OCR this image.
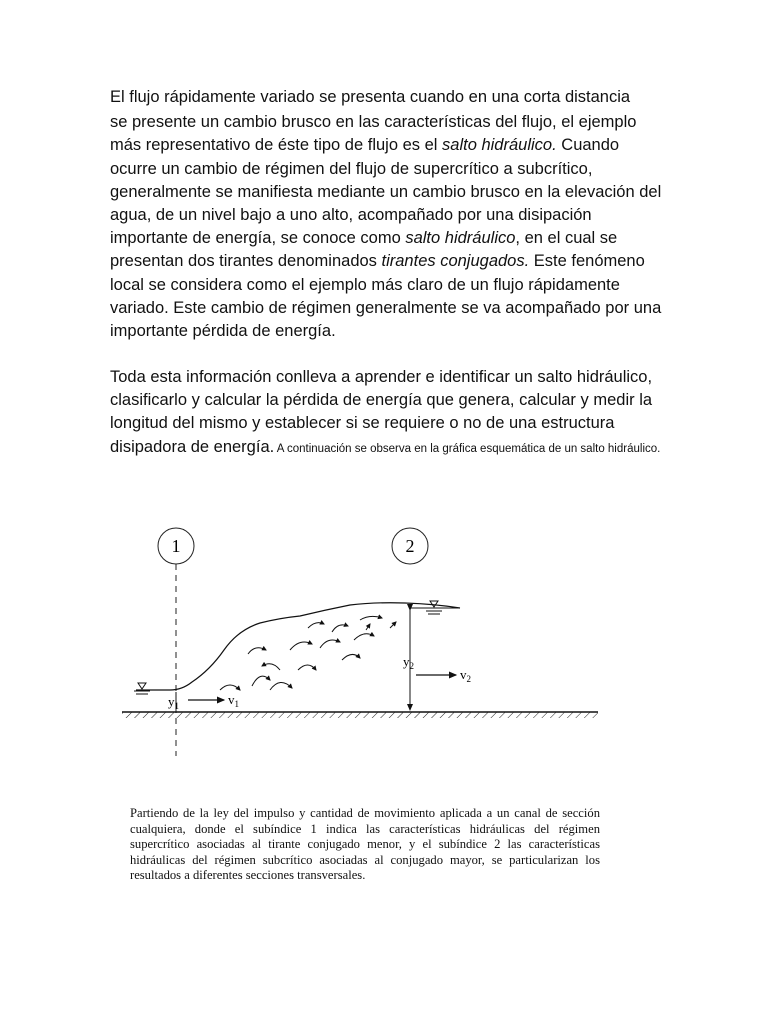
El flujo rápidamente variado se presenta cuando en una corta distancia
se presente un cambio brusco en las características del flujo, el ejemplo más representativo de éste tipo de flujo es el salto hidráulico. Cuando ocurre un cambio de régimen del flujo de supercrítico a subcrítico, generalmente se manifiesta mediante un cambio brusco en la elevación del agua, de un nivel bajo a uno alto, acompañado por una disipación importante de energía, se conoce como salto hidráulico, en el cual se presentan dos tirantes denominados tirantes conjugados. Este fenómeno local se considera como el ejemplo más claro de un flujo rápidamente variado. Este cambio de régimen generalmente se va acompañado por una importante pérdida de energía.

Toda esta información conlleva a aprender e identificar un salto hidráulico, clasificarlo y calcular la pérdida de energía que genera, calcular y medir la longitud del mismo y establecer si se requiere o no de una estructura disipadora de energía. A continuación se observa en la gráfica esquemática de un salto hidráulico.

1	2
$y_1$	$v_1$
$y_2$
$v_2$

Partiendo de la ley del impulso y cantidad de movimiento aplicada a un canal de sección cualquiera, donde el subíndice 1 indica las características hidráulicas del régimen supercrítico asociadas al tirante conjugado menor, y el subíndice 2 las características hidráulicas del régimen subcrítico asociadas al conjugado mayor, se particularizan los resultados a diferentes secciones transversales.
